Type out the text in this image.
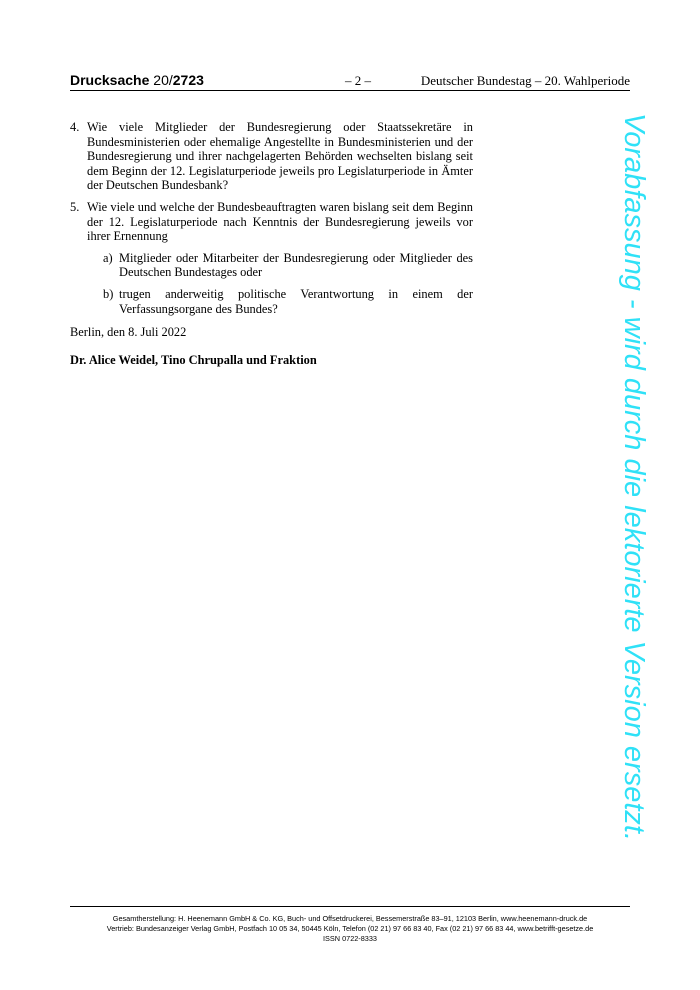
Drucksache 20/2723	– 2 –	Deutscher Bundestag – 20. Wahlperiode
4. Wie viele Mitglieder der Bundesregierung oder Staatssekretäre in Bundesministerien oder ehemalige Angestellte in Bundesministerien und der Bundesregierung und ihrer nachgelagerten Behörden wechselten bislang seit dem Beginn der 12. Legislaturperiode jeweils pro Legislaturperiode in Ämter der Deutschen Bundesbank?
5. Wie viele und welche der Bundesbeauftragten waren bislang seit dem Beginn der 12. Legislaturperiode nach Kenntnis der Bundesregierung jeweils vor ihrer Ernennung
a) Mitglieder oder Mitarbeiter der Bundesregierung oder Mitglieder des Deutschen Bundestages oder
b) trugen anderweitig politische Verantwortung in einem der Verfassungsorgane des Bundes?
Berlin, den 8. Juli 2022
Dr. Alice Weidel, Tino Chrupalla und Fraktion	Vorabfassung - wird durch die lektorierte Version ersetzt.
Gesamtherstellung: H. Heenemann GmbH & Co. KG, Buch- und Offsetdruckerei, Bessemerstraße 83–91, 12103 Berlin, www.heenemann-druck.de
Vertrieb: Bundesanzeiger Verlag GmbH, Postfach 10 05 34, 50445 Köln, Telefon (02 21) 97 66 83 40, Fax (02 21) 97 66 83 44, www.betrifft-gesetze.de
ISSN 0722-8333
